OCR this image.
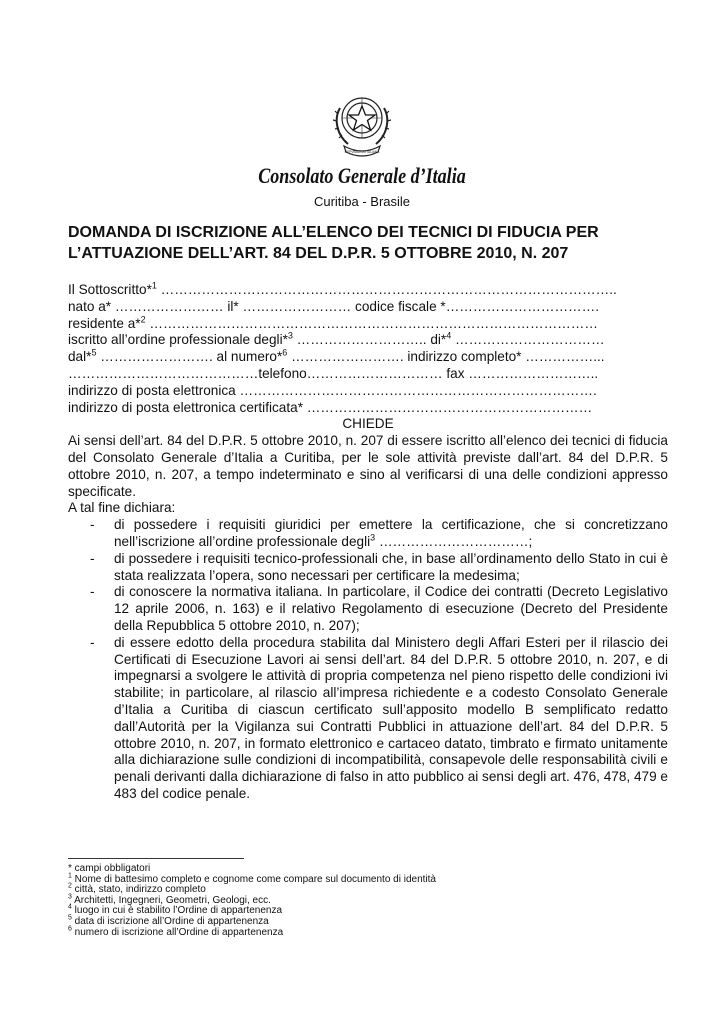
REPVBBLICA ITALIANA
Consolato Generale d’Italia
Curitiba - Brasile
DOMANDA DI ISCRIZIONE ALL’ELENCO DEI TECNICI DI FIDUCIA PER
L’ATTUAZIONE DELL’ART. 84 DEL D.P.R. 5 OTTOBRE 2010, N. 207
Il Sottoscritto*$^1$ ………………………………………………………………………………………..
nato a* …………………… il* …………………… codice fiscale *…………………………….
residente a*$^2$ ………………………………………………………………………………………
iscritto all’ordine professionale degli*$^3$ ……………………….. di*$^4$ ……………………………
dal*$^5$ ……………………. al numero*$^6$ ……………………. indirizzo completo* ……………...
……………………………………telefono………………………… fax ………………………..
indirizzo di posta elettronica …………………………………………………………………….
indirizzo di posta elettronica certificata* ………………………………………………………
CHIEDE
Ai sensi dell’art. 84 del D.P.R. 5 ottobre 2010, n. 207 di essere iscritto all’elenco dei tecnici di fiducia del Consolato Generale d’Italia a Curitiba, per le sole attività previste dall’art. 84 del D.P.R. 5 ottobre 2010, n. 207, a tempo indeterminato e sino al verificarsi di una delle condizioni appresso specificate.
A tal fine dichiara:
- di possedere i requisiti giuridici per emettere la certificazione, che si concretizzano nell’iscrizione all’ordine professionale degli$^3$ ……………………………;
- di possedere i requisiti tecnico-professionali che, in base all’ordinamento dello Stato in cui è stata realizzata l’opera, sono necessari per certificare la medesima;
- di conoscere la normativa italiana. In particolare, il Codice dei contratti (Decreto Legislativo 12 aprile 2006, n. 163) e il relativo Regolamento di esecuzione (Decreto del Presidente della Repubblica 5 ottobre 2010, n. 207);
- di essere edotto della procedura stabilita dal Ministero degli Affari Esteri per il rilascio dei Certificati di Esecuzione Lavori ai sensi dell’art. 84 del D.P.R. 5 ottobre 2010, n. 207, e di impegnarsi a svolgere le attività di propria competenza nel pieno rispetto delle condizioni ivi stabilite; in particolare, al rilascio all’impresa richiedente e a codesto Consolato Generale d’Italia a Curitiba di ciascun certificato sull’apposito modello B semplificato redatto dall’Autorità per la Vigilanza sui Contratti Pubblici in attuazione dell’art. 84 del D.P.R. 5 ottobre 2010, n. 207, in formato elettronico e cartaceo datato, timbrato e firmato unitamente alla dichiarazione sulle condizioni di incompatibilità, consapevole delle responsabilità civili e penali derivanti dalla dichiarazione di falso in atto pubblico ai sensi degli art. 476, 478, 479 e 483 del codice penale.
* campi obbligatori
$^1$ Nome di battesimo completo e cognome come compare sul documento di identità
$^2$ città, stato, indirizzo completo
$^3$ Architetti, Ingegneri, Geometri, Geologi, ecc.
$^4$ luogo in cui è stabilito l’Ordine di appartenenza
$^5$ data di iscrizione all’Ordine di appartenenza
$^6$ numero di iscrizione all’Ordine di appartenenza
